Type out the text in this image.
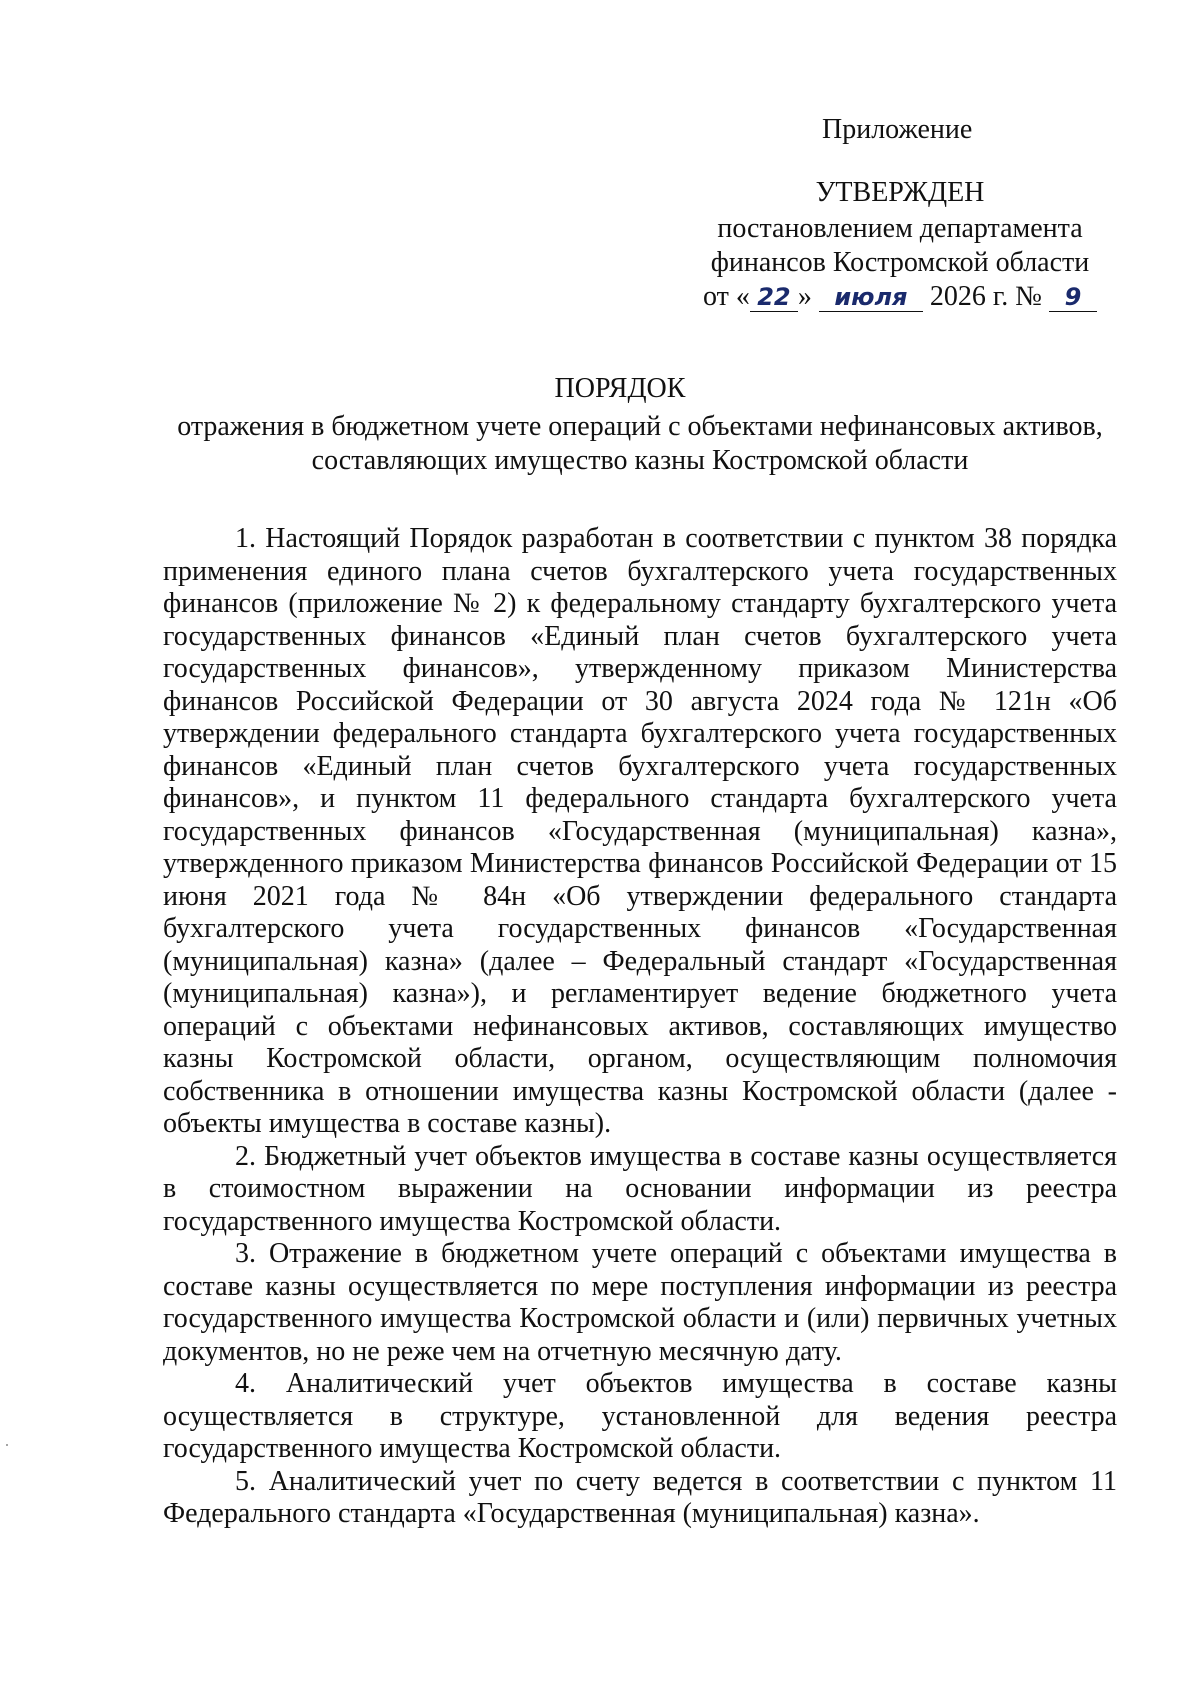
Приложение
УТВЕРЖДЕН
постановлением департамента
финансов Костромской области
от « 22 » июля 2026 г. № 9
ПОРЯДОК
отражения в бюджетном учете операций с объектами нефинансовых активов,
составляющих имущество казны Костромской области

1. Настоящий Порядок разработан в соответствии с пунктом 38 порядка применения единого плана счетов бухгалтерского учета государственных финансов (приложение № 2) к федеральному стандарту бухгалтерского учета государственных финансов «Единый план счетов бухгалтерского учета государственных финансов», утвержденному приказом Министерства финансов Российской Федерации от 30 августа 2024 года № 121н «Об утверждении федерального стандарта бухгалтерского учета государственных финансов «Единый план счетов бухгалтерского учета государственных финансов», и пунктом 11 федерального стандарта бухгалтерского учета государственных финансов «Государственная (муниципальная) казна», утвержденного приказом Министерства финансов Российской Федерации от 15 июня 2021 года № 84н «Об утверждении федерального стандарта бухгалтерского учета государственных финансов «Государственная (муниципальная) казна» (далее – Федеральный стандарт «Государственная (муниципальная) казна»), и регламентирует ведение бюджетного учета операций с объектами нефинансовых активов, составляющих имущество казны Костромской области, органом, осуществляющим полномочия собственника в отношении имущества казны Костромской области (далее - объекты имущества в составе казны).

2. Бюджетный учет объектов имущества в составе казны осуществляется в стоимостном выражении на основании информации из реестра государственного имущества Костромской области.

3. Отражение в бюджетном учете операций с объектами имущества в составе казны осуществляется по мере поступления информации из реестра государственного имущества Костромской области и (или) первичных учетных документов, но не реже чем на отчетную месячную дату.

4. Аналитический учет объектов имущества в составе казны осуществляется в структуре, установленной для ведения реестра государственного имущества Костромской области.

5. Аналитический учет по счету ведется в соответствии с пунктом 11 Федерального стандарта «Государственная (муниципальная) казна».
